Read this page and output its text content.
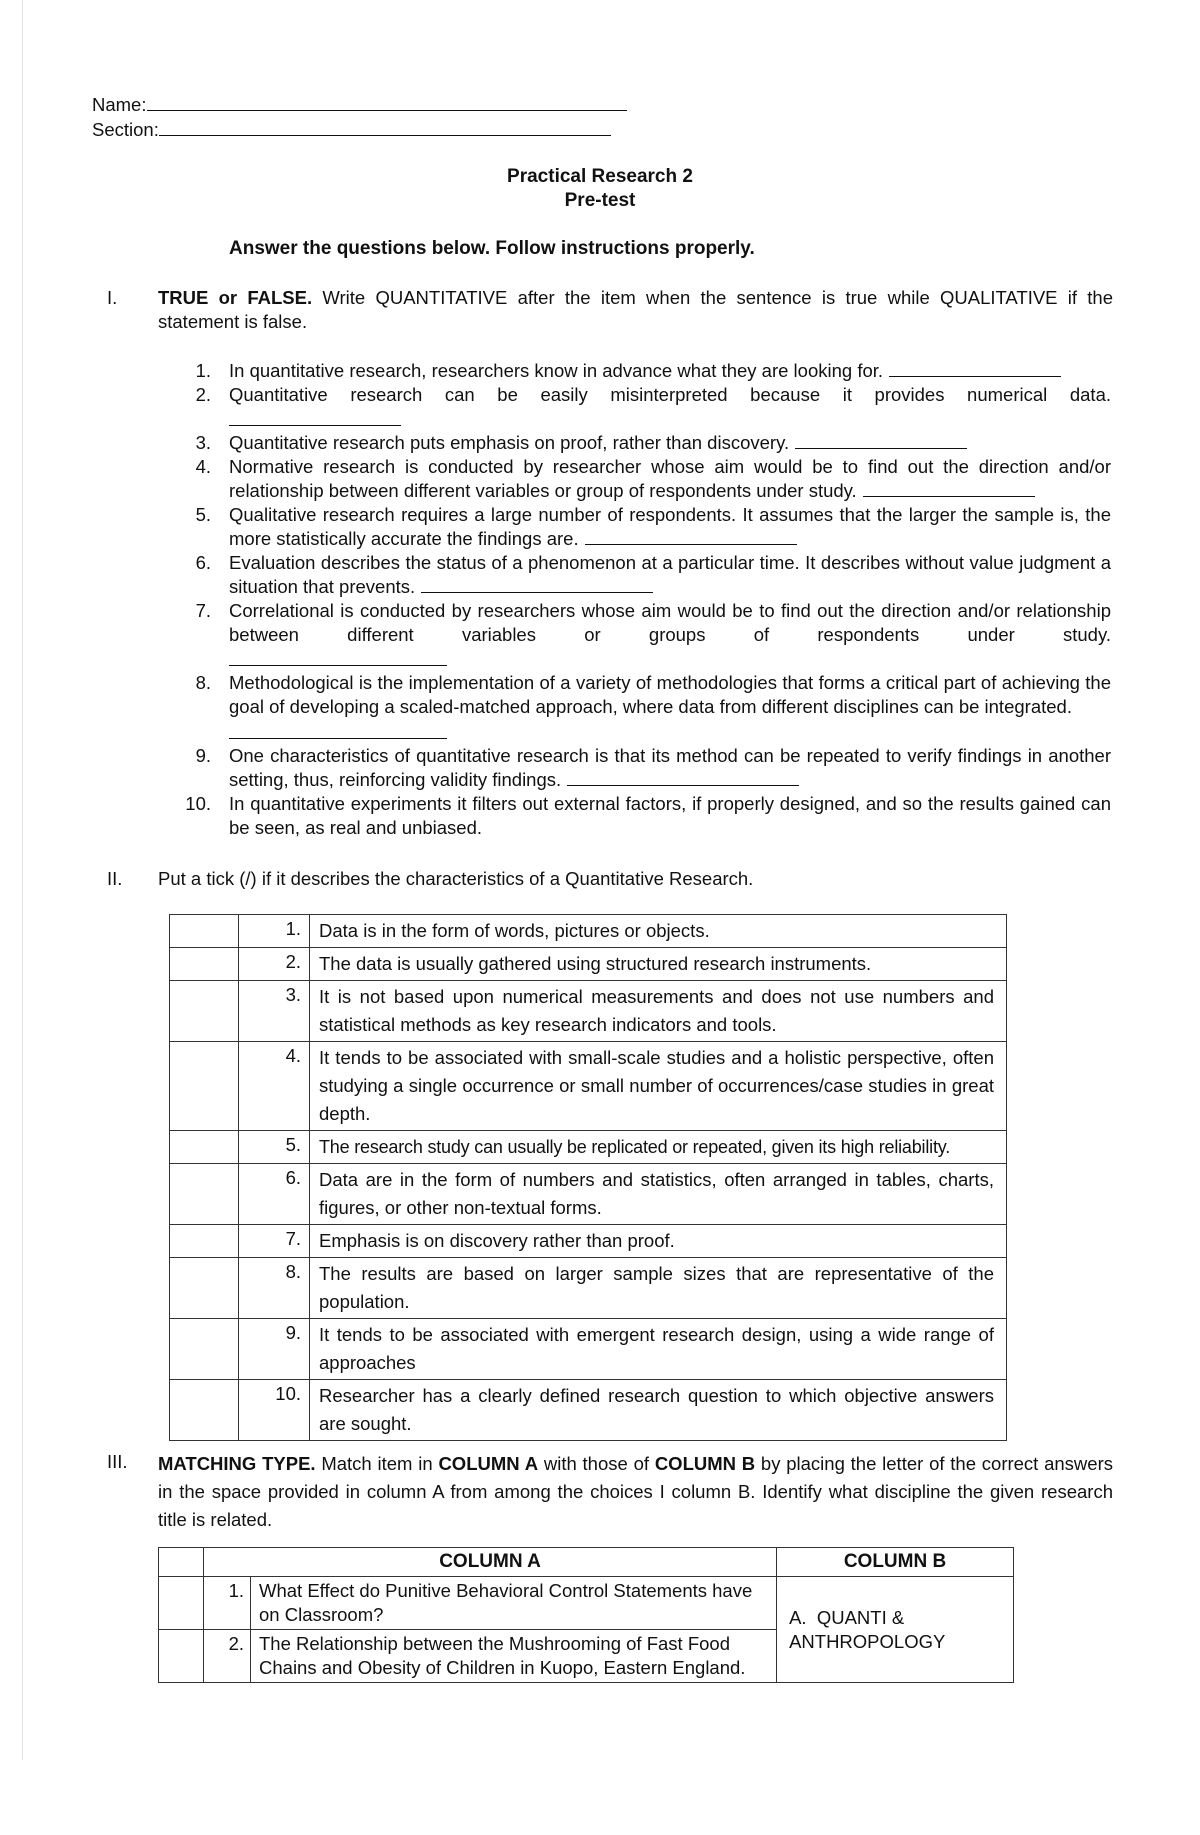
Name:
Section:
Practical Research 2
Pre-test
Answer the questions below. Follow instructions properly.
I.	TRUE or FALSE. Write QUANTITATIVE after the item when the sentence is true while QUALITATIVE if the statement is false.
1. In quantitative research, researchers know in advance what they are looking for.
2. Quantitative research can be easily misinterpreted because it provides numerical data.
3. Quantitative research puts emphasis on proof, rather than discovery.
4. Normative research is conducted by researcher whose aim would be to find out the direction and/or relationship between different variables or group of respondents under study.
5. Qualitative research requires a large number of respondents. It assumes that the larger the sample is, the more statistically accurate the findings are.
6. Evaluation describes the status of a phenomenon at a particular time. It describes without value judgment a situation that prevents.
7. Correlational is conducted by researchers whose aim would be to find out the direction and/or relationship between different variables or groups of respondents under study.
8. Methodological is the implementation of a variety of methodologies that forms a critical part of achieving the goal of developing a scaled-matched approach, where data from different disciplines can be integrated.
9. One characteristics of quantitative research is that its method can be repeated to verify findings in another setting, thus, reinforcing validity findings.
10. In quantitative experiments it filters out external factors, if properly designed, and so the results gained can be seen, as real and unbiased.
II.	Put a tick (/) if it describes the characteristics of a Quantitative Research.
	1.	Data is in the form of words, pictures or objects.
	2.	The data is usually gathered using structured research instruments.
	3.	It is not based upon numerical measurements and does not use numbers and statistical methods as key research indicators and tools.
	4.	It tends to be associated with small-scale studies and a holistic perspective, often studying a single occurrence or small number of occurrences/case studies in great depth.
	5.	The research study can usually be replicated or repeated, given its high reliability.
	6.	Data are in the form of numbers and statistics, often arranged in tables, charts, figures, or other non-textual forms.
	7.	Emphasis is on discovery rather than proof.
	8.	The results are based on larger sample sizes that are representative of the population.
	9.	It tends to be associated with emergent research design, using a wide range of approaches
	10.	Researcher has a clearly defined research question to which objective answers are sought.
III.	MATCHING TYPE. Match item in COLUMN A with those of COLUMN B by placing the letter of the correct answers in the space provided in column A from among the choices I column B. Identify what discipline the given research title is related.
	COLUMN A		COLUMN B
	1.	What Effect do Punitive Behavioral Control Statements have on Classroom?	A. QUANTI & ANTHROPOLOGY
	2.	The Relationship between the Mushrooming of Fast Food Chains and Obesity of Children in Kuopo, Eastern England.	
